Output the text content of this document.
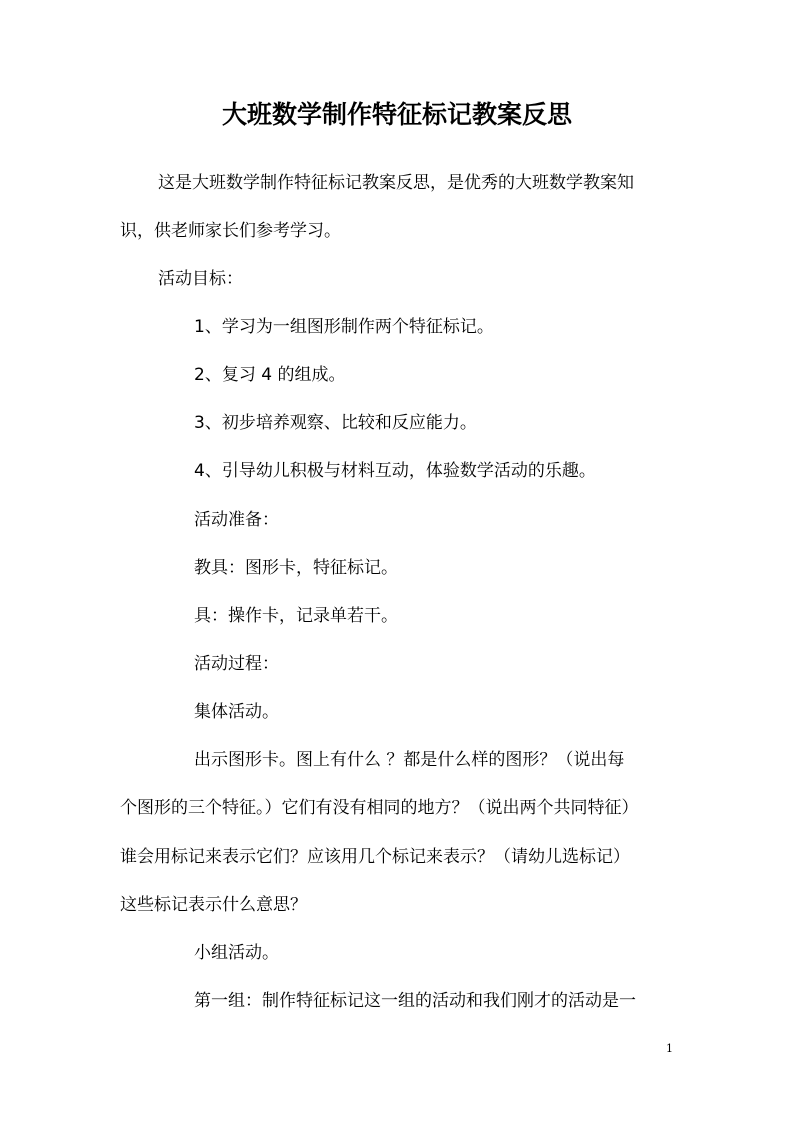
大班数学制作特征标记教案反思
这是大班数学制作特征标记教案反思，是优秀的大班数学教案知
识，供老师家长们参考学习。
活动目标：
1、学习为一组图形制作两个特征标记。
2、复习 4 的组成。
3、初步培养观察、比较和反应能力。
4、引导幼儿积极与材料互动，体验数学活动的乐趣。
活动准备：
教具：图形卡，特征标记。
具：操作卡，记录单若干。
活动过程：
集体活动。
出示图形卡。图上有什么 ？都是什么样的图形？（说出每
个图形的三个特征。）它们有没有相同的地方？（说出两个共同特征）
谁会用标记来表示它们？应该用几个标记来表示？（请幼儿选标记）
这些标记表示什么意思？
小组活动。
第一组：制作特征标记这一组的活动和我们刚才的活动是一
1
